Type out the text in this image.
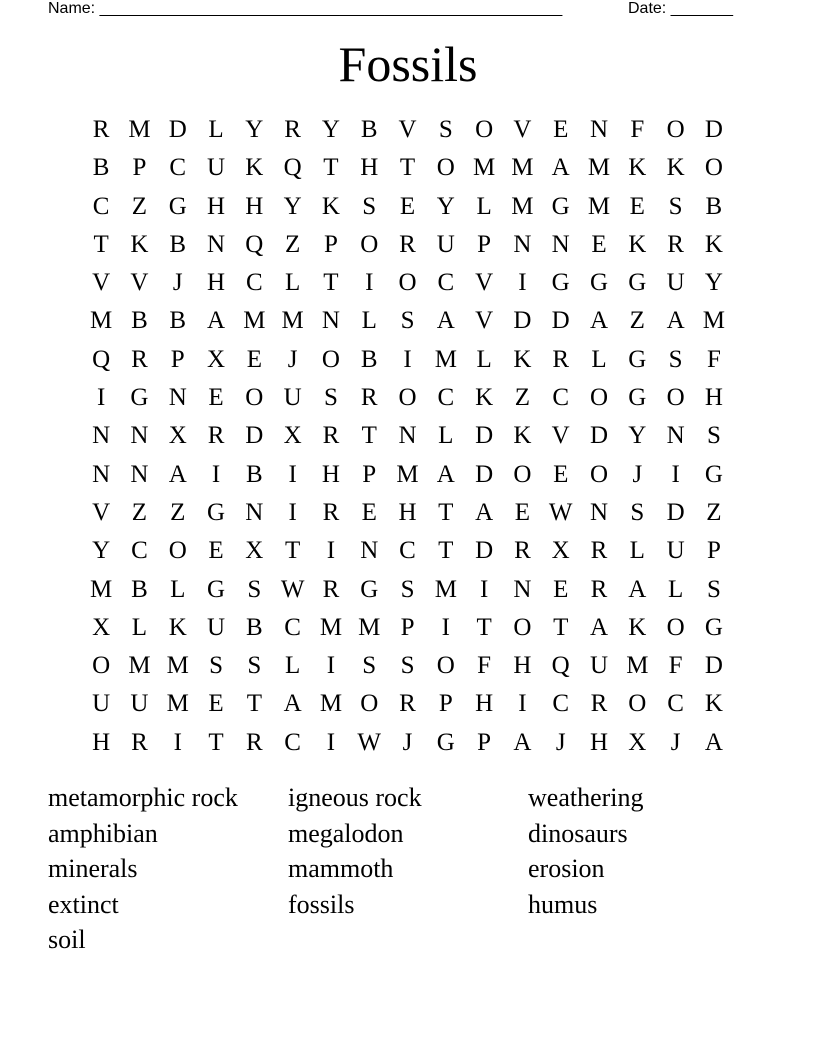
Name: ____________________________________________________	Date: _______
Fossils
R M D L Y R Y B V S O V E N F O D
B P C U K Q T H T O M M A M K K O
C Z G H H Y K S E Y L M G M E S B
T K B N Q Z P O R U P N N E K R K
V V J H C L T	I	O C V	I	G G G U Y
M B B A M M N L S A V D D A Z A M
Q R P X E	J O B	I M L K R L G S F
I	G N E O U S R O C K Z C O G O H
N N X R D X R T N L D K V D Y N S
N N A	I	B	I	H P M A D O E O J	I	G
V Z Z G N	I	R E H T A E W N S D Z
Y C O E X T	I	N C T D R X R L U P
M B L G S W R G S M I	N E R A L S
X L K U B C M M P	I	T O T A K O G
O M M S S L	I	S S O F H Q U M F D
U U M E T A M O R P H	I	C R O C K
H R	I	T R C	I W J G P A J H X J A
metamorphic rock	igneous rock	weathering
amphibian	megalodon	dinosaurs
minerals	mammoth	erosion
extinct	fossils	humus
soil
